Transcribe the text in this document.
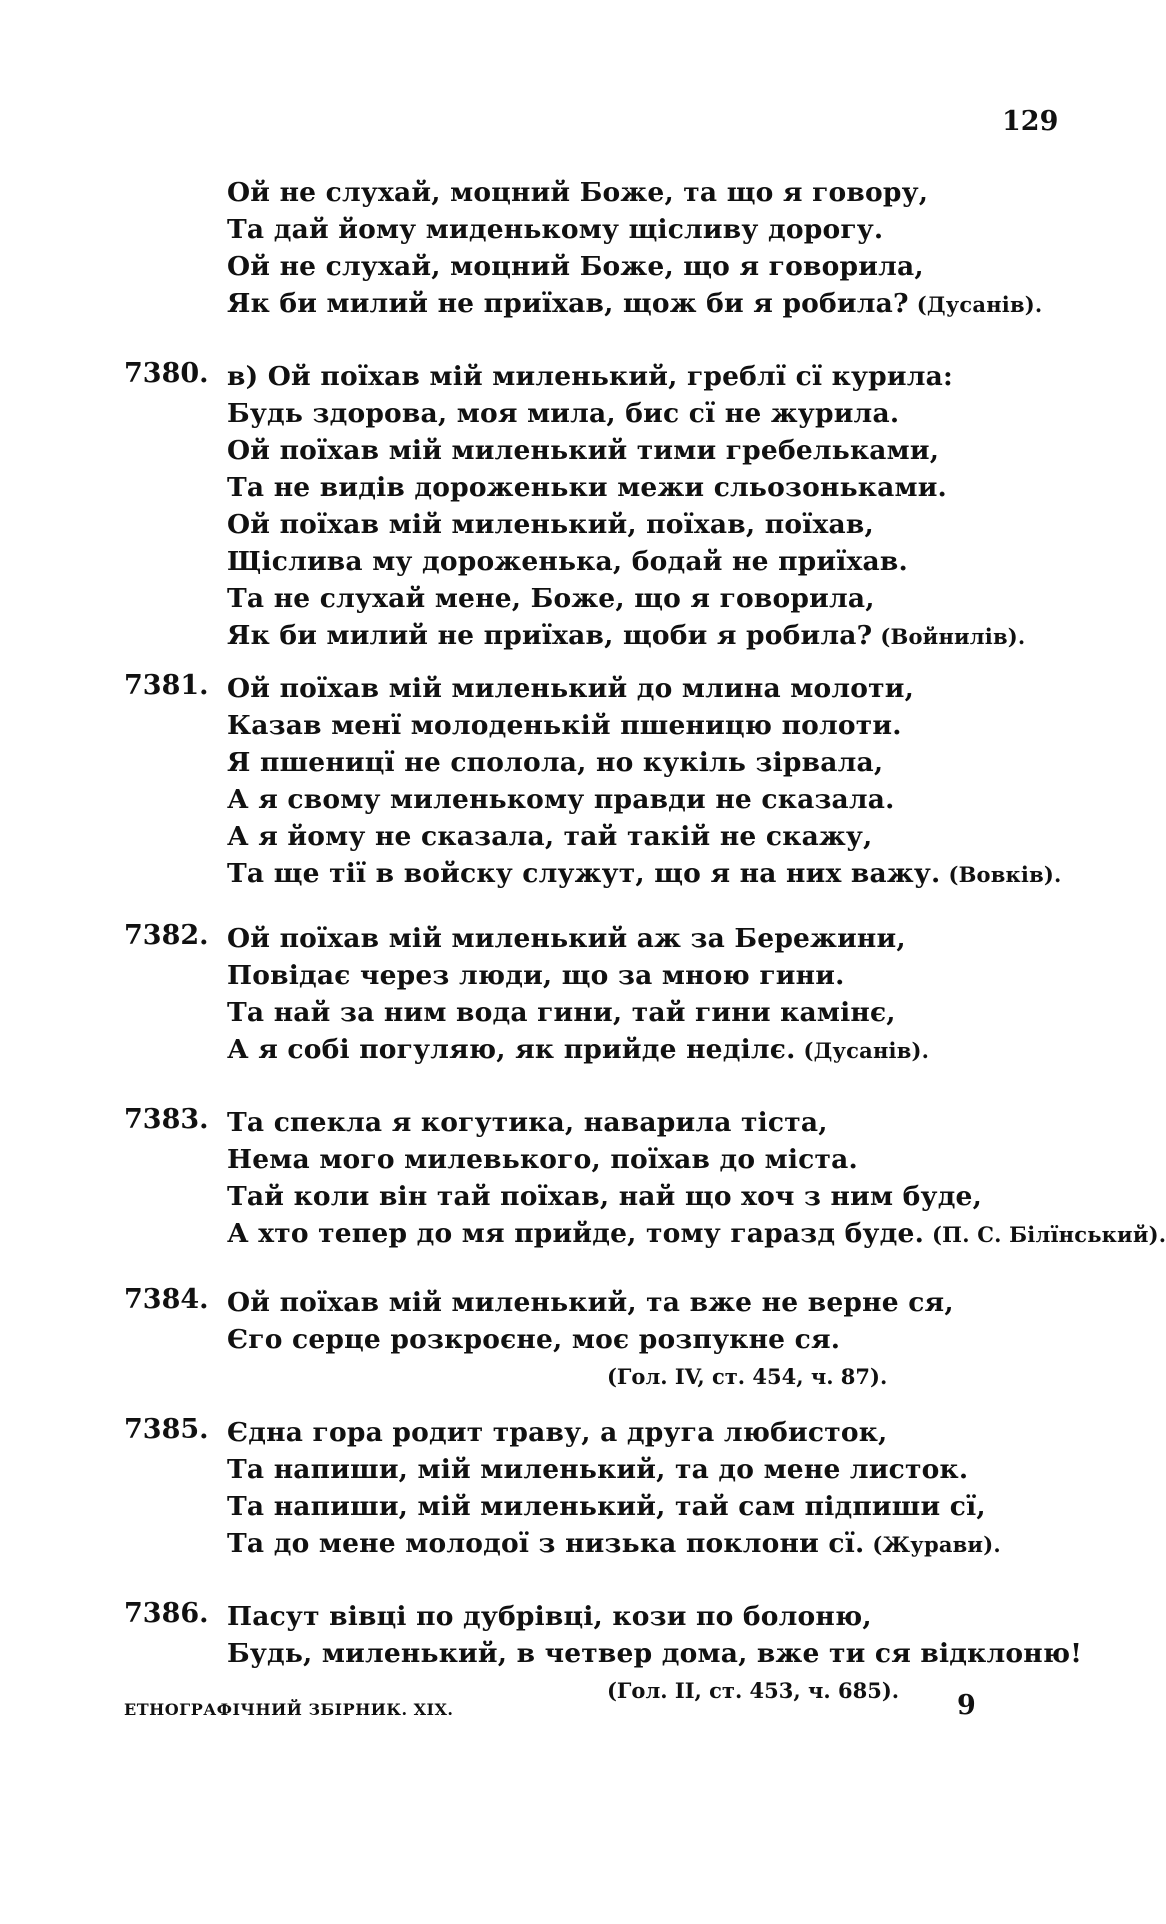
129
Ой не слухай, моцний Боже, та що я говору,
Та дай йому миденькому щісливу дорогу.
Ой не слухай, моцний Боже, що я говорила,
Як би милий не приїхав, щож би я робила? (Дусанів).
7380. в) Ой поїхав мій миленький, греблї сї курила:
Будь здорова, моя мила, бис сї не журила.
Ой поїхав мій миленький тими гребельками,
Та не видів дороженьки межи сльозоньками.
Ой поїхав мій миленький, поїхав, поїхав,
Щіслива му дороженька, бодай не приїхав.
Та не слухай мене, Боже, що я говорила,
Як би милий не приїхав, щоби я робила? (Войнилів).
7381. Ой поїхав мій миленький до млина молоти,
Казав менї молоденькій пшеницю полоти.
Я пшеницї не сполола, но кукіль зірвала,
А я свому миленькому правди не сказала.
А я йому не сказала, тай такій не скажу,
Та ще тії в войску служут, що я на них важу. (Вовків).
7382. Ой поїхав мій миленький аж за Бережини,
Повідає через люди, що за мною гини.
Та най за ним вода гини, тай гини камінє,
А я собі погуляю, як прийде неділє. (Дусанів).
7383. Та спекла я когутика, наварила тіста,
Нема мого милевького, поїхав до міста.
Тай коли він тай поїхав, най що хоч з ним буде,
А хто тепер до мя прийде, тому гаразд буде. (П. С. Білїнський).
7384. Ой поїхав мій миленький, та вже не верне ся,
Єго серце розкроєне, моє розпукне ся.
(Гол. IV, ст. 454, ч. 87).
7385. Єдна гора родит траву, а друга любисток,
Та напиши, мій миленький, та до мене листок.
Та напиши, мій миленький, тай сам підпиши сї,
Та до мене молодої з низька поклони сї. (Журави).
7386. Пасут вівці по дубрівці, кози по болоню,
Будь, миленький, в четвер дома, вже ти ся відклоню!
(Гол. II, ст. 453, ч. 685).
ЕТНОГРАФІЧНИЙ ЗБІРНИК. XIX.	9
